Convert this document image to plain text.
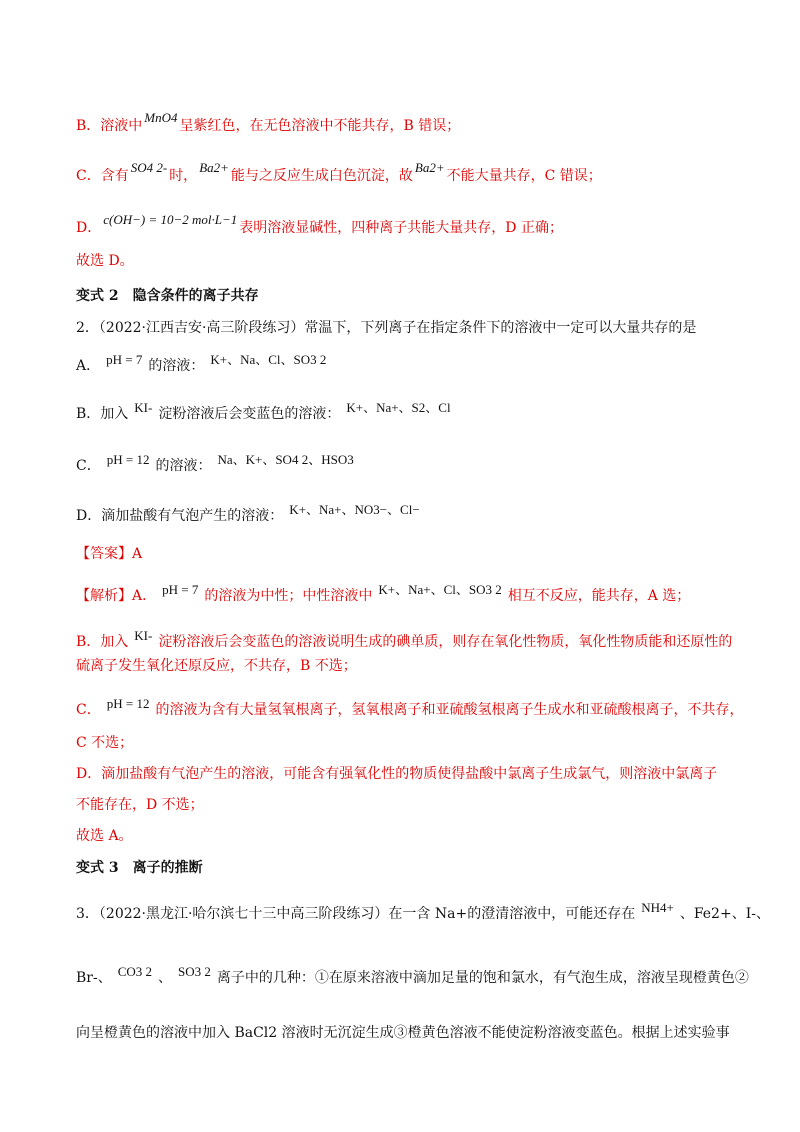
B．溶液中MnO4呈紫红色，在无色溶液中不能共存，B 错误；
C．含有SO4 2-时，Ba2+能与之反应生成白色沉淀，故Ba2+不能大量共存，C 错误；
D．c(OH−) = 10−2 mol·L−1表明溶液显碱性，四种离子共能大量共存，D 正确；
故选 D。
变式 2　隐含条件的离子共存
2．（2022·江西吉安·高三阶段练习）常温下，下列离子在指定条件下的溶液中一定可以大量共存的是
A． pH = 7 的溶液： K+、Na、Cl、SO3 2
B．加入 KI- 淀粉溶液后会变蓝色的溶液： K+、Na+、S2、Cl
C． pH = 12 的溶液： Na、K+、SO4 2、HSO3
D．滴加盐酸有气泡产生的溶液： K+、Na+、NO3−、Cl−
【答案】A
【解析】A． pH = 7 的溶液为中性；中性溶液中 K+、Na+、Cl、SO3 2 相互不反应，能共存，A 选；
B．加入 KI- 淀粉溶液后会变蓝色的溶液说明生成的碘单质，则存在氧化性物质，氧化性物质能和还原性的
硫离子发生氧化还原反应，不共存，B 不选；
C． pH = 12 的溶液为含有大量氢氧根离子，氢氧根离子和亚硫酸氢根离子生成水和亚硫酸根离子，不共存，
C 不选；
D．滴加盐酸有气泡产生的溶液，可能含有强氧化性的物质使得盐酸中氯离子生成氯气，则溶液中氯离子
不能存在，D 不选；
故选 A。
变式 3　离子的推断
3．（2022·黑龙江·哈尔滨七十三中高三阶段练习）在一含 Na+的澄清溶液中，可能还存在 NH4+ 、Fe2+、I-、
Br-、 CO3 2 、 SO3 2 离子中的几种：①在原来溶液中滴加足量的饱和氯水，有气泡生成，溶液呈现橙黄色②
向呈橙黄色的溶液中加入 BaCl2 溶液时无沉淀生成③橙黄色溶液不能使淀粉溶液变蓝色。根据上述实验事
